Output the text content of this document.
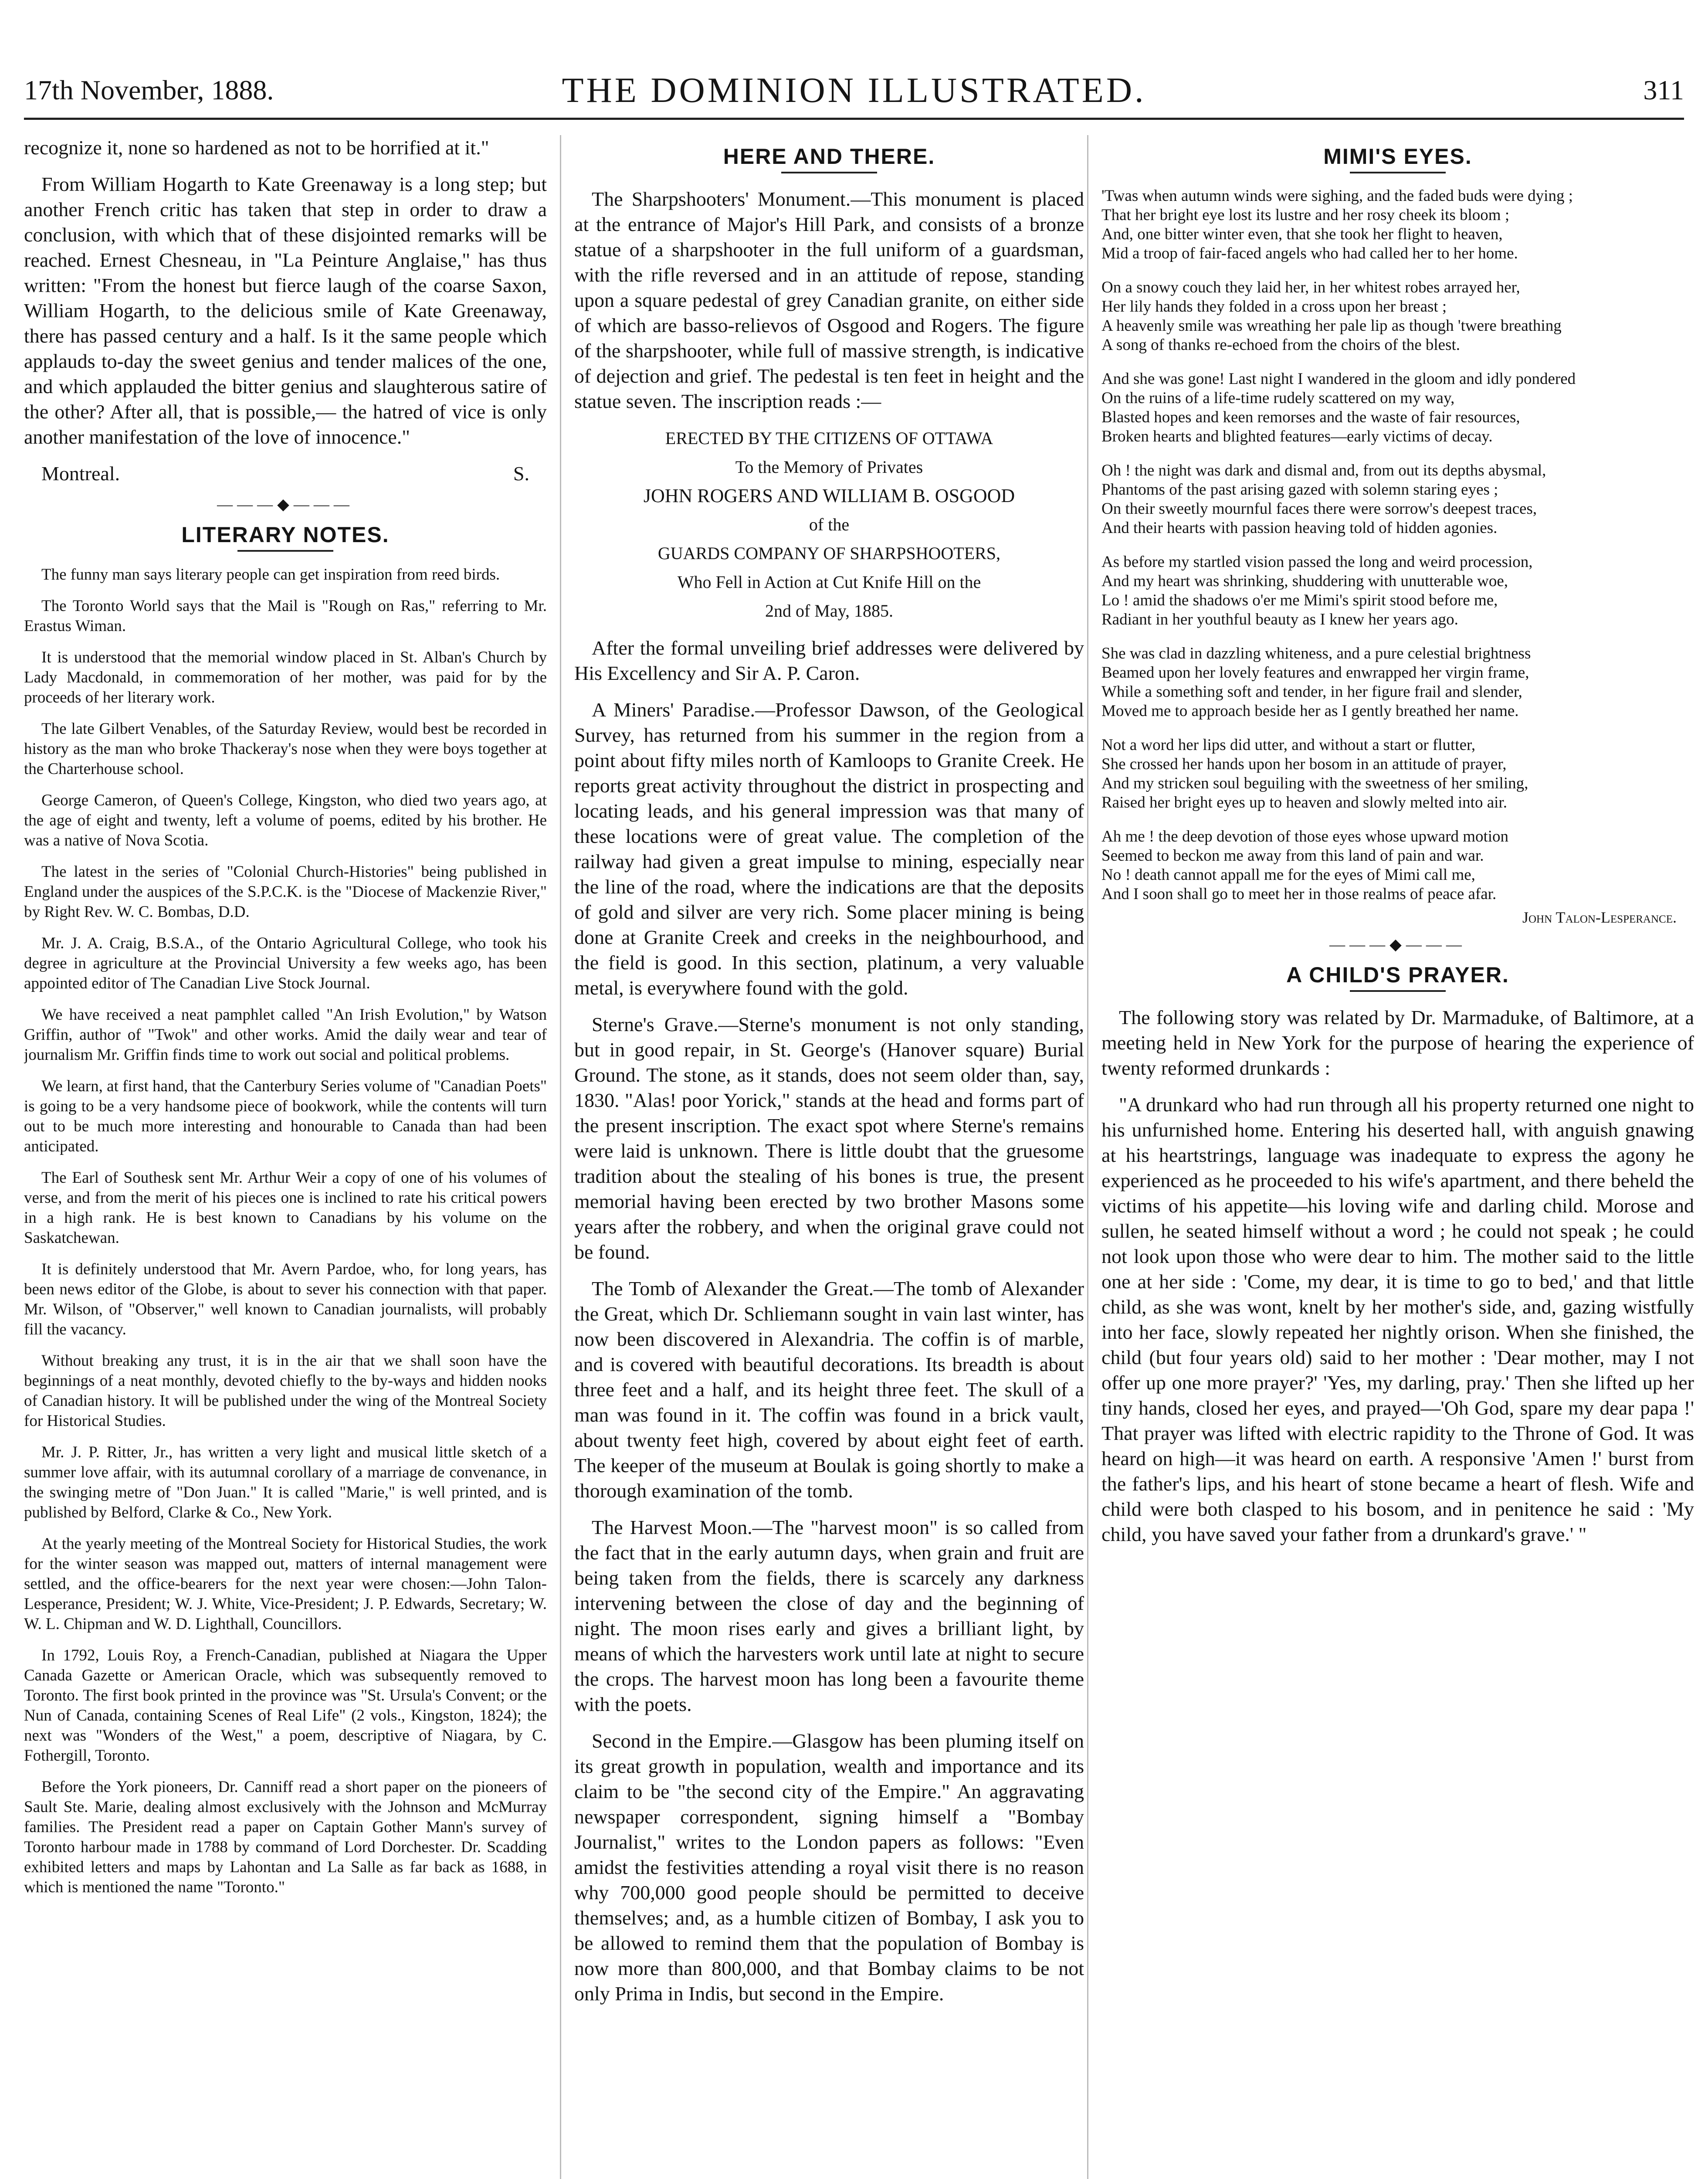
17th November, 1888.	THE DOMINION ILLUSTRATED.	311

recognize it, none so hardened as not to be horrified at it."

From William Hogarth to Kate Greenaway is a long step; but another French critic has taken that step in order to draw a conclusion, with which that of these disjointed remarks will be reached. Ernest Chesneau, in "La Peinture Anglaise," has thus written: "From the honest but fierce laugh of the coarse Saxon, William Hogarth, to the delicious smile of Kate Greenaway, there has passed century and a half. Is it the same people which applauds to-day the sweet genius and tender malices of the one, and which applauded the bitter genius and slaughterous satire of the other? After all, that is possible,— the hatred of vice is only another manifestation of the love of innocence."

Montreal.	S.
———◆———
LITERARY NOTES.

The funny man says literary people can get inspiration from reed birds.

The Toronto World says that the Mail is "Rough on Ras," referring to Mr. Erastus Wiman.

It is understood that the memorial window placed in St. Alban's Church by Lady Macdonald, in commemoration of her mother, was paid for by the proceeds of her literary work.

The late Gilbert Venables, of the Saturday Review, would best be recorded in history as the man who broke Thackeray's nose when they were boys together at the Charterhouse school.

George Cameron, of Queen's College, Kingston, who died two years ago, at the age of eight and twenty, left a volume of poems, edited by his brother. He was a native of Nova Scotia.

The latest in the series of "Colonial Church-Histories" being published in England under the auspices of the S.P.C.K. is the "Diocese of Mackenzie River," by Right Rev. W. C. Bombas, D.D.

Mr. J. A. Craig, B.S.A., of the Ontario Agricultural College, who took his degree in agriculture at the Provincial University a few weeks ago, has been appointed editor of The Canadian Live Stock Journal.

We have received a neat pamphlet called "An Irish Evolution," by Watson Griffin, author of "Twok" and other works. Amid the daily wear and tear of journalism Mr. Griffin finds time to work out social and political problems.

We learn, at first hand, that the Canterbury Series volume of "Canadian Poets" is going to be a very handsome piece of bookwork, while the contents will turn out to be much more interesting and honourable to Canada than had been anticipated.

The Earl of Southesk sent Mr. Arthur Weir a copy of one of his volumes of verse, and from the merit of his pieces one is inclined to rate his critical powers in a high rank. He is best known to Canadians by his volume on the Saskatchewan.

It is definitely understood that Mr. Avern Pardoe, who, for long years, has been news editor of the Globe, is about to sever his connection with that paper. Mr. Wilson, of "Observer," well known to Canadian journalists, will probably fill the vacancy.

Without breaking any trust, it is in the air that we shall soon have the beginnings of a neat monthly, devoted chiefly to the by-ways and hidden nooks of Canadian history. It will be published under the wing of the Montreal Society for Historical Studies.

Mr. J. P. Ritter, Jr., has written a very light and musical little sketch of a summer love affair, with its autumnal corollary of a marriage de convenance, in the swinging metre of "Don Juan." It is called "Marie," is well printed, and is published by Belford, Clarke & Co., New York.

At the yearly meeting of the Montreal Society for Historical Studies, the work for the winter season was mapped out, matters of internal management were settled, and the office-bearers for the next year were chosen:—John Talon-Lesperance, President; W. J. White, Vice-President; J. P. Edwards, Secretary; W. W. L. Chipman and W. D. Lighthall, Councillors.

In 1792, Louis Roy, a French-Canadian, published at Niagara the Upper Canada Gazette or American Oracle, which was subsequently removed to Toronto. The first book printed in the province was "St. Ursula's Convent; or the Nun of Canada, containing Scenes of Real Life" (2 vols., Kingston, 1824); the next was "Wonders of the West," a poem, descriptive of Niagara, by C. Fothergill, Toronto.

Before the York pioneers, Dr. Canniff read a short paper on the pioneers of Sault Ste. Marie, dealing almost exclusively with the Johnson and McMurray families. The President read a paper on Captain Gother Mann's survey of Toronto harbour made in 1788 by command of Lord Dorchester. Dr. Scadding exhibited letters and maps by Lahontan and La Salle as far back as 1688, in which is mentioned the name "Toronto."

HERE AND THERE.

The Sharpshooters' Monument.—This monument is placed at the entrance of Major's Hill Park, and consists of a bronze statue of a sharpshooter in the full uniform of a guardsman, with the rifle reversed and in an attitude of repose, standing upon a square pedestal of grey Canadian granite, on either side of which are basso-relievos of Osgood and Rogers. The figure of the sharpshooter, while full of massive strength, is indicative of dejection and grief. The pedestal is ten feet in height and the statue seven. The inscription reads :—

ERECTED BY THE CITIZENS OF OTTAWA
To the Memory of Privates
JOHN ROGERS AND WILLIAM B. OSGOOD
of the
GUARDS COMPANY OF SHARPSHOOTERS,
Who Fell in Action at Cut Knife Hill on the
2nd of May, 1885.

After the formal unveiling brief addresses were delivered by His Excellency and Sir A. P. Caron.

A Miners' Paradise.—Professor Dawson, of the Geological Survey, has returned from his summer in the region from a point about fifty miles north of Kamloops to Granite Creek. He reports great activity throughout the district in prospecting and locating leads, and his general impression was that many of these locations were of great value. The completion of the railway had given a great impulse to mining, especially near the line of the road, where the indications are that the deposits of gold and silver are very rich. Some placer mining is being done at Granite Creek and creeks in the neighbourhood, and the field is good. In this section, platinum, a very valuable metal, is everywhere found with the gold.

Sterne's Grave.—Sterne's monument is not only standing, but in good repair, in St. George's (Hanover square) Burial Ground. The stone, as it stands, does not seem older than, say, 1830. "Alas! poor Yorick," stands at the head and forms part of the present inscription. The exact spot where Sterne's remains were laid is unknown. There is little doubt that the gruesome tradition about the stealing of his bones is true, the present memorial having been erected by two brother Masons some years after the robbery, and when the original grave could not be found.

The Tomb of Alexander the Great.—The tomb of Alexander the Great, which Dr. Schliemann sought in vain last winter, has now been discovered in Alexandria. The coffin is of marble, and is covered with beautiful decorations. Its breadth is about three feet and a half, and its height three feet. The skull of a man was found in it. The coffin was found in a brick vault, about twenty feet high, covered by about eight feet of earth. The keeper of the museum at Boulak is going shortly to make a thorough examination of the tomb.

The Harvest Moon.—The "harvest moon" is so called from the fact that in the early autumn days, when grain and fruit are being taken from the fields, there is scarcely any darkness intervening between the close of day and the beginning of night. The moon rises early and gives a brilliant light, by means of which the harvesters work until late at night to secure the crops. The harvest moon has long been a favourite theme with the poets.

Second in the Empire.—Glasgow has been pluming itself on its great growth in population, wealth and importance and its claim to be "the second city of the Empire." An aggravating newspaper correspondent, signing himself a "Bombay Journalist," writes to the London papers as follows: "Even amidst the festivities attending a royal visit there is no reason why 700,000 good people should be permitted to deceive themselves; and, as a humble citizen of Bombay, I ask you to be allowed to remind them that the population of Bombay is now more than 800,000, and that Bombay claims to be not only Prima in Indis, but second in the Empire.

MIMI'S EYES.
'Twas when autumn winds were sighing, and the faded buds were dying ;
That her bright eye lost its lustre and her rosy cheek its bloom ;
And, one bitter winter even, that she took her flight to heaven,
Mid a troop of fair-faced angels who had called her to her home.
On a snowy couch they laid her, in her whitest robes arrayed her,
Her lily hands they folded in a cross upon her breast ;
A heavenly smile was wreathing her pale lip as though 'twere breathing
A song of thanks re-echoed from the choirs of the blest.
And she was gone! Last night I wandered in the gloom and idly pondered
On the ruins of a life-time rudely scattered on my way,
Blasted hopes and keen remorses and the waste of fair resources,
Broken hearts and blighted features—early victims of decay.
Oh ! the night was dark and dismal and, from out its depths abysmal,
Phantoms of the past arising gazed with solemn staring eyes ;
On their sweetly mournful faces there were sorrow's deepest traces,
And their hearts with passion heaving told of hidden agonies.
As before my startled vision passed the long and weird procession,
And my heart was shrinking, shuddering with unutterable woe,
Lo ! amid the shadows o'er me Mimi's spirit stood before me,
Radiant in her youthful beauty as I knew her years ago.
She was clad in dazzling whiteness, and a pure celestial brightness
Beamed upon her lovely features and enwrapped her virgin frame,
While a something soft and tender, in her figure frail and slender,
Moved me to approach beside her as I gently breathed her name.
Not a word her lips did utter, and without a start or flutter,
She crossed her hands upon her bosom in an attitude of prayer,
And my stricken soul beguiling with the sweetness of her smiling,
Raised her bright eyes up to heaven and slowly melted into air.
Ah me ! the deep devotion of those eyes whose upward motion
Seemed to beckon me away from this land of pain and war.
No ! death cannot appall me for the eyes of Mimi call me,
And I soon shall go to meet her in those realms of peace afar.
John Talon-Lesperance.
———◆———
A CHILD'S PRAYER.

The following story was related by Dr. Marmaduke, of Baltimore, at a meeting held in New York for the purpose of hearing the experience of twenty reformed drunkards :

"A drunkard who had run through all his property returned one night to his unfurnished home. Entering his deserted hall, with anguish gnawing at his heartstrings, language was inadequate to express the agony he experienced as he proceeded to his wife's apartment, and there beheld the victims of his appetite—his loving wife and darling child. Morose and sullen, he seated himself without a word ; he could not speak ; he could not look upon those who were dear to him. The mother said to the little one at her side : 'Come, my dear, it is time to go to bed,' and that little child, as she was wont, knelt by her mother's side, and, gazing wistfully into her face, slowly repeated her nightly orison. When she finished, the child (but four years old) said to her mother : 'Dear mother, may I not offer up one more prayer?' 'Yes, my darling, pray.' Then she lifted up her tiny hands, closed her eyes, and prayed—'Oh God, spare my dear papa !' That prayer was lifted with electric rapidity to the Throne of God. It was heard on high—it was heard on earth. A responsive 'Amen !' burst from the father's lips, and his heart of stone became a heart of flesh. Wife and child were both clasped to his bosom, and in penitence he said : 'My child, you have saved your father from a drunkard's grave.' "
